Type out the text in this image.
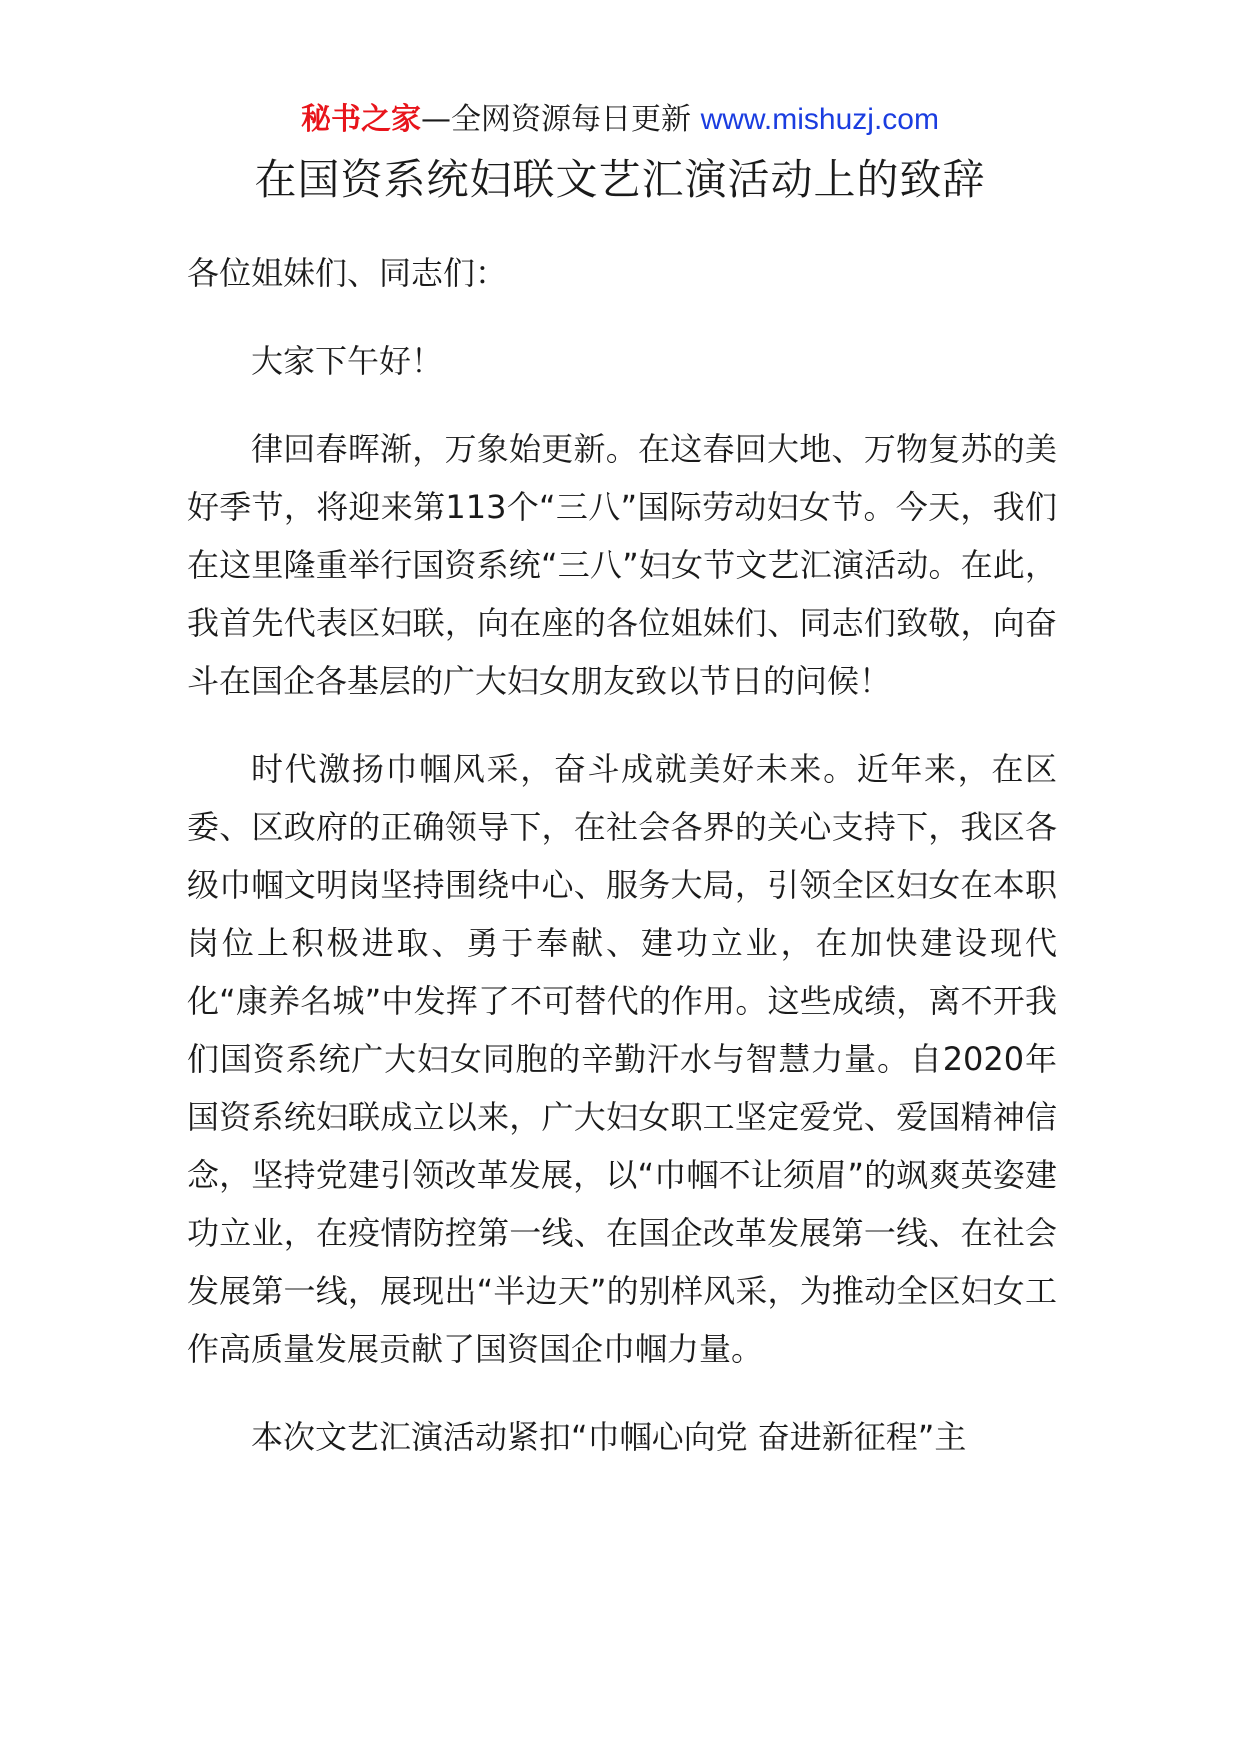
秘书之家—全网资源每日更新 www.mishuzj.com
在国资系统妇联文艺汇演活动上的致辞

各位姐妹们、同志们：

大家下午好！

律回春晖渐，万象始更新。在这春回大地、万物复苏的美好季节，将迎来第113个“三八”国际劳动妇女节。今天，我们在这里隆重举行国资系统“三八”妇女节文艺汇演活动。在此，我首先代表区妇联，向在座的各位姐妹们、同志们致敬，向奋斗在国企各基层的广大妇女朋友致以节日的问候！

时代激扬巾帼风采，奋斗成就美好未来。近年来，在区委、区政府的正确领导下，在社会各界的关心支持下，我区各级巾帼文明岗坚持围绕中心、服务大局，引领全区妇女在本职岗位上积极进取、勇于奉献、建功立业，在加快建设现代化“康养名城”中发挥了不可替代的作用。这些成绩，离不开我们国资系统广大妇女同胞的辛勤汗水与智慧力量。自2020年国资系统妇联成立以来，广大妇女职工坚定爱党、爱国精神信念，坚持党建引领改革发展，以“巾帼不让须眉”的飒爽英姿建功立业，在疫情防控第一线、在国企改革发展第一线、在社会发展第一线，展现出“半边天”的别样风采，为推动全区妇女工作高质量发展贡献了国资国企巾帼力量。

本次文艺汇演活动紧扣“巾帼心向党 奋进新征程”主
